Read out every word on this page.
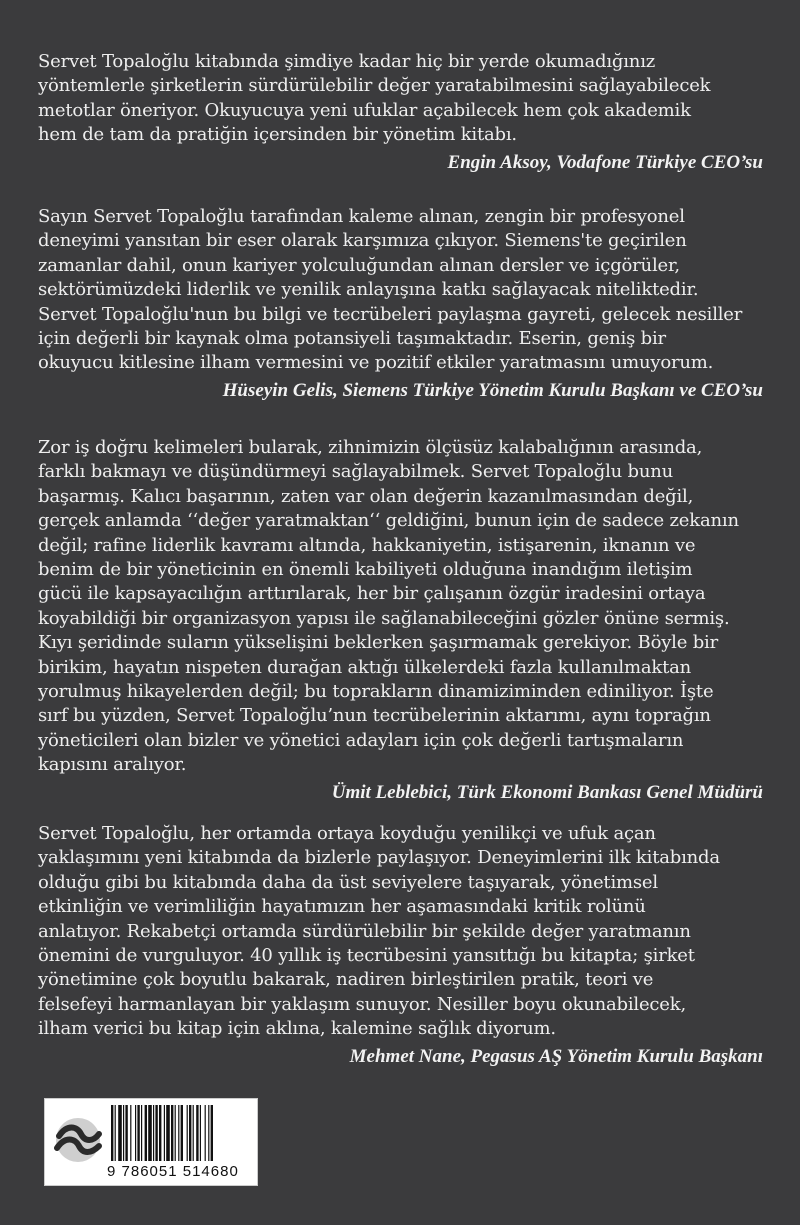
Servet Topaloğlu kitabında şimdiye kadar hiç bir yerde okumadığınız
yöntemlerle şirketlerin sürdürülebilir değer yaratabilmesini sağlayabilecek
metotlar öneriyor. Okuyucuya yeni ufuklar açabilecek hem çok akademik
hem de tam da pratiğin içersinden bir yönetim kitabı.

Engin Aksoy, Vodafone Türkiye CEO’su

Sayın Servet Topaloğlu tarafından kaleme alınan, zengin bir profesyonel
deneyimi yansıtan bir eser olarak karşımıza çıkıyor. Siemens'te geçirilen
zamanlar dahil, onun kariyer yolculuğundan alınan dersler ve içgörüler,
sektörümüzdeki liderlik ve yenilik anlayışına katkı sağlayacak niteliktedir.
Servet Topaloğlu'nun bu bilgi ve tecrübeleri paylaşma gayreti, gelecek nesiller
için değerli bir kaynak olma potansiyeli taşımaktadır. Eserin, geniş bir
okuyucu kitlesine ilham vermesini ve pozitif etkiler yaratmasını umuyorum.

Hüseyin Gelis, Siemens Türkiye Yönetim Kurulu Başkanı ve CEO’su

Zor iş doğru kelimeleri bularak, zihnimizin ölçüsüz kalabalığının arasında,
farklı bakmayı ve düşündürmeyi sağlayabilmek. Servet Topaloğlu bunu
başarmış. Kalıcı başarının, zaten var olan değerin kazanılmasından değil,
gerçek anlamda ‘‘değer yaratmaktan‘‘ geldiğini, bunun için de sadece zekanın
değil; rafine liderlik kavramı altında, hakkaniyetin, istişarenin, iknanın ve
benim de bir yöneticinin en önemli kabiliyeti olduğuna inandığım iletişim
gücü ile kapsayacılığın arttırılarak, her bir çalışanın özgür iradesini ortaya
koyabildiği bir organizasyon yapısı ile sağlanabileceğini gözler önüne sermiş.
Kıyı şeridinde suların yükselişini beklerken şaşırmamak gerekiyor. Böyle bir
birikim, hayatın nispeten durağan aktığı ülkelerdeki fazla kullanılmaktan
yorulmuş hikayelerden değil; bu toprakların dinamiziminden ediniliyor. İşte
sırf bu yüzden, Servet Topaloğlu’nun tecrübelerinin aktarımı, aynı toprağın
yöneticileri olan bizler ve yönetici adayları için çok değerli tartışmaların
kapısını aralıyor.

Ümit Leblebici, Türk Ekonomi Bankası Genel Müdürü

Servet Topaloğlu, her ortamda ortaya koyduğu yenilikçi ve ufuk açan
yaklaşımını yeni kitabında da bizlerle paylaşıyor. Deneyimlerini ilk kitabında
olduğu gibi bu kitabında daha da üst seviyelere taşıyarak, yönetimsel
etkinliğin ve verimliliğin hayatımızın her aşamasındaki kritik rolünü
anlatıyor. Rekabetçi ortamda sürdürülebilir bir şekilde değer yaratmanın
önemini de vurguluyor. 40 yıllık iş tecrübesini yansıttığı bu kitapta; şirket
yönetimine çok boyutlu bakarak, nadiren birleştirilen pratik, teori ve
felsefeyi harmanlayan bir yaklaşım sunuyor. Nesiller boyu okunabilecek,
ilham verici bu kitap için aklına, kalemine sağlık diyorum.

Mehmet Nane, Pegasus AŞ Yönetim Kurulu Başkanı

9 786051 514680
